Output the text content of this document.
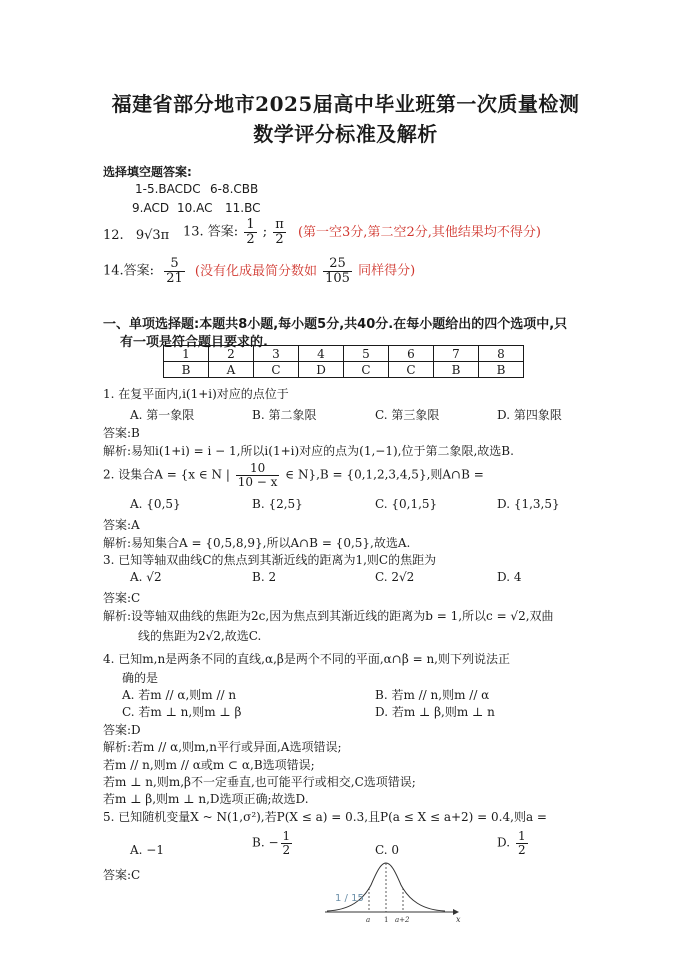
福建省部分地市2025届高中毕业班第一次质量检测
数学评分标准及解析
选择填空题答案:
1-5.BACDC 6-8.CBB
9.ACD 10.AC 11.BC
12. 9√3π 13. 答案: $\frac{1}{2}$ ; $\frac{\pi}{2}$ (第一空3分,第二空2分,其他结果均不得分)
14.答案: $\frac{5}{21}$ (没有化成最简分数如 $\frac{25}{105}$ 同样得分)
一、单项选择题:本题共8小题,每小题5分,共40分.在每小题给出的四个选项中,只
有一项是符合题目要求的.
1	2	3	4	5	6	7	8
B	A	C	D	C	C	B	B
1. 在复平面内,i(1+i)对应的点位于
A. 第一象限	B. 第二象限	C. 第三象限	D. 第四象限
答案:B
解析:易知i(1+i) = i − 1,所以i(1+i)对应的点为(1,−1),位于第二象限,故选B.
2. 设集合A = {x ∈ N | $\frac{10}{10 - x}$ ∈ N},B = {0,1,2,3,4,5},则A∩B =
A. {0,5}	B. {2,5}	C. {0,1,5}	D. {1,3,5}
答案:A
解析:易知集合A = {0,5,8,9},所以A∩B = {0,5},故选A.
3. 已知等轴双曲线C的焦点到其渐近线的距离为1,则C的焦距为
A. √2	B. 2	C. 2√2	D. 4
答案:C
解析:设等轴双曲线的焦距为2c,因为焦点到其渐近线的距离为b = 1,所以c = √2,双曲
线的焦距为2√2,故选C.
4. 已知m,n是两条不同的直线,α,β是两个不同的平面,α∩β = n,则下列说法正
确的是
A. 若m // α,则m // n	B. 若m // n,则m // α
C. 若m ⊥ n,则m ⊥ β	D. 若m ⊥ β,则m ⊥ n
答案:D
解析:若m // α,则m,n平行或异面,A选项错误;
若m // n,则m // α或m ⊂ α,B选项错误;
若m ⊥ n,则m,β不一定垂直,也可能平行或相交,C选项错误;
若m ⊥ β,则m ⊥ n,D选项正确;故选D.
5. 已知随机变量X ~ N(1,σ²),若P(X ≤ a) = 0.3,且P(a ≤ X ≤ a+2) = 0.4,则a =
A. −1
B. − $\frac{1}{2}$	C. 0
D. $\frac{1}{2}$
答案:C
a 1 a+2	x
1 / 15
